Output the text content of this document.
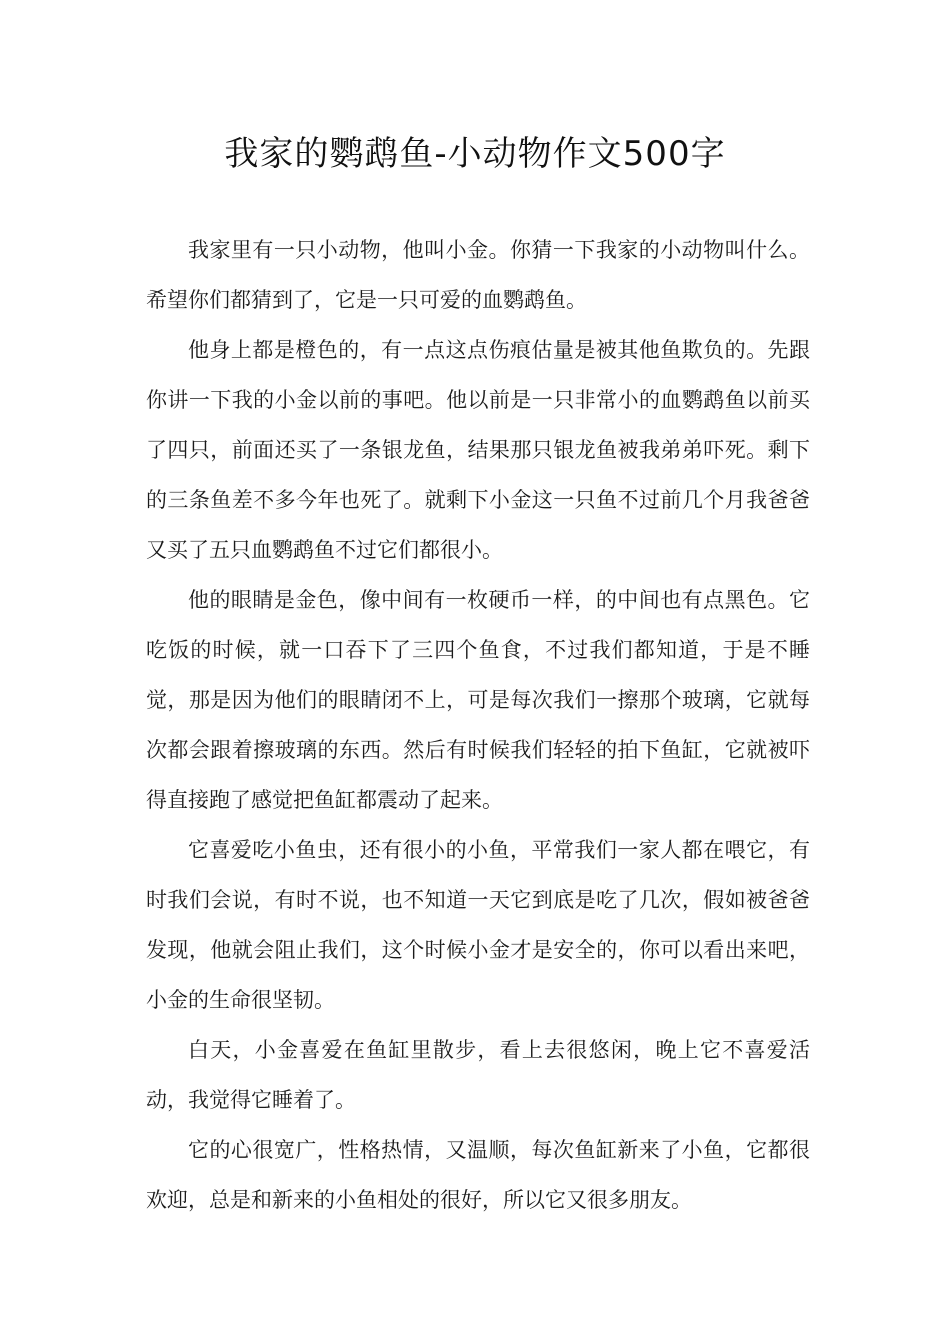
我家的鹦鹉鱼-小动物作文500字

我家里有一只小动物，他叫小金。你猜一下我家的小动物叫什么。希望你们都猜到了，它是一只可爱的血鹦鹉鱼。

他身上都是橙色的，有一点这点伤痕估量是被其他鱼欺负的。先跟你讲一下我的小金以前的事吧。他以前是一只非常小的血鹦鹉鱼以前买了四只，前面还买了一条银龙鱼，结果那只银龙鱼被我弟弟吓死。剩下的三条鱼差不多今年也死了。就剩下小金这一只鱼不过前几个月我爸爸又买了五只血鹦鹉鱼不过它们都很小。

他的眼睛是金色，像中间有一枚硬币一样，的中间也有点黑色。它吃饭的时候，就一口吞下了三四个鱼食，不过我们都知道，于是不睡觉，那是因为他们的眼睛闭不上，可是每次我们一擦那个玻璃，它就每次都会跟着擦玻璃的东西。然后有时候我们轻轻的拍下鱼缸，它就被吓得直接跑了感觉把鱼缸都震动了起来。

它喜爱吃小鱼虫，还有很小的小鱼，平常我们一家人都在喂它，有时我们会说，有时不说，也不知道一天它到底是吃了几次，假如被爸爸发现，他就会阻止我们，这个时候小金才是安全的，你可以看出来吧，小金的生命很坚韧。

白天，小金喜爱在鱼缸里散步，看上去很悠闲，晚上它不喜爱活动，我觉得它睡着了。

它的心很宽广，性格热情，又温顺，每次鱼缸新来了小鱼，它都很欢迎，总是和新来的小鱼相处的很好，所以它又很多朋友。
